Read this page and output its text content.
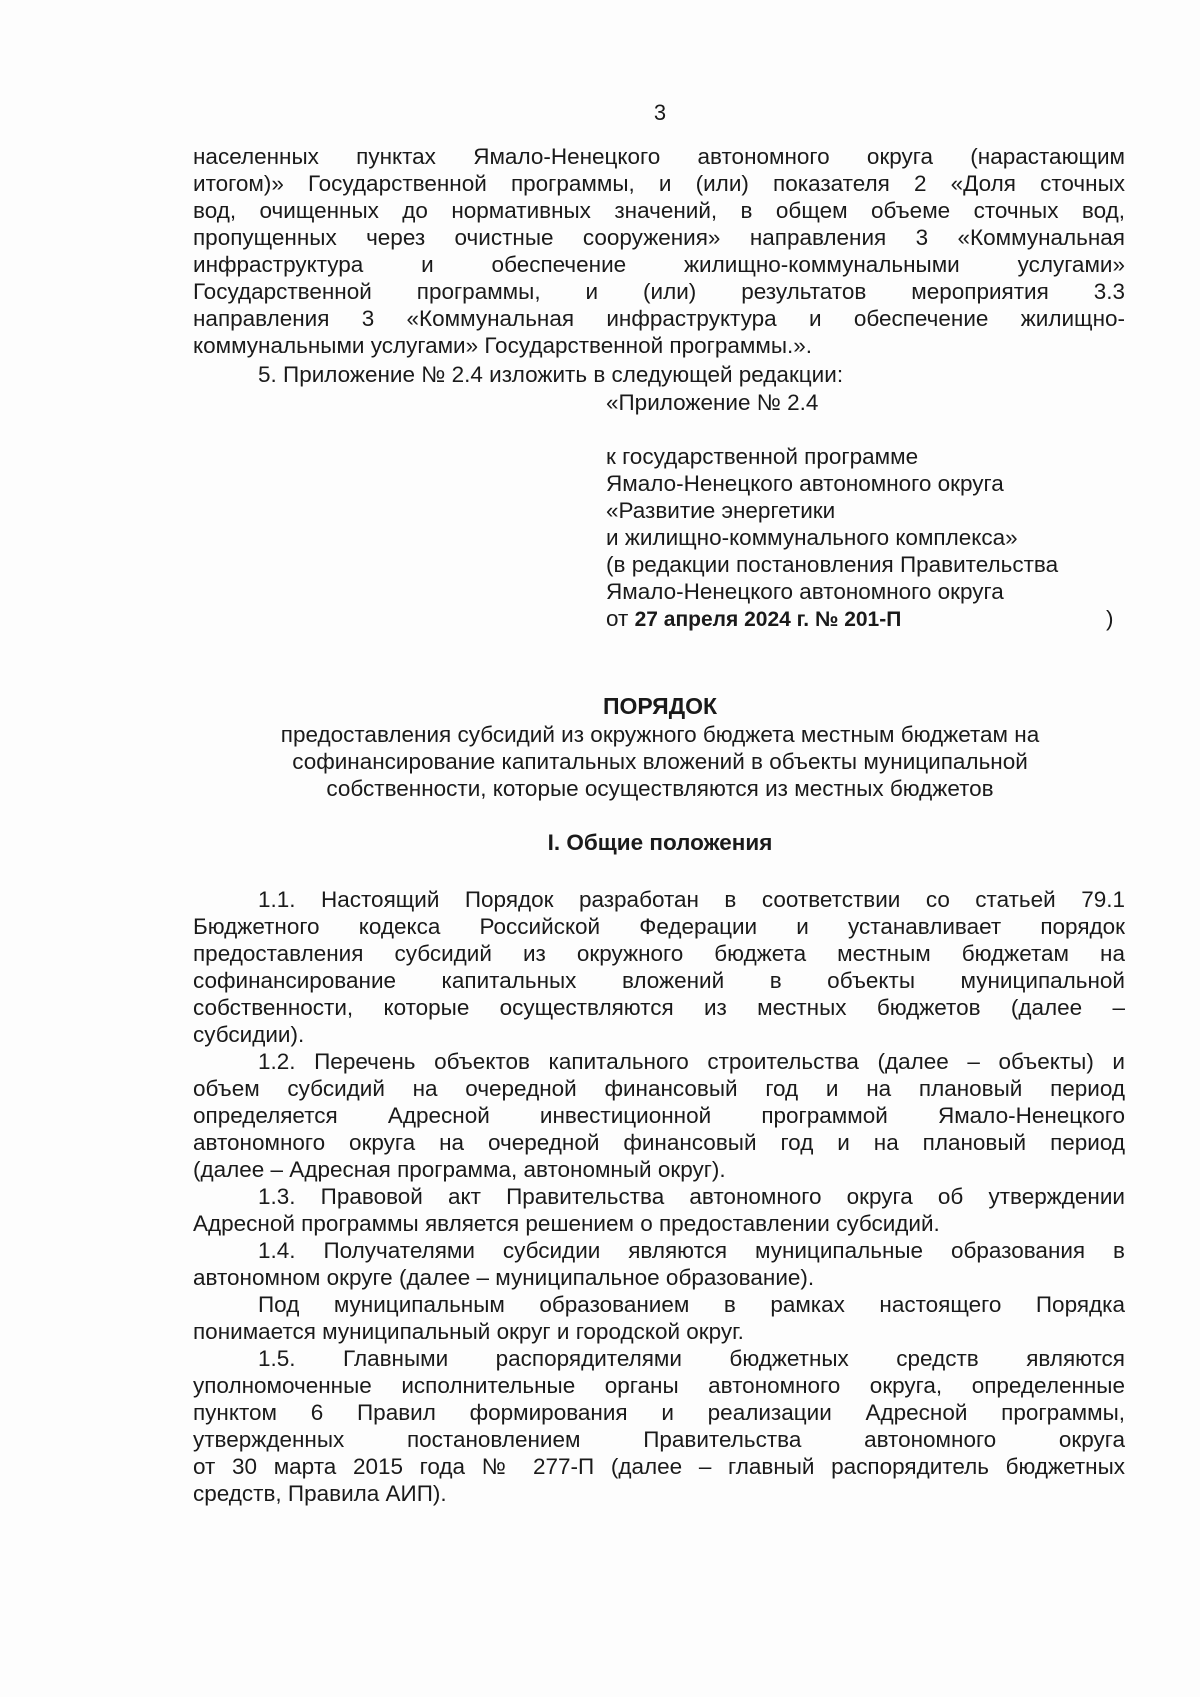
3

населенных пунктах Ямало-Ненецкого автономного округа (нарастающим

итогом)» Государственной программы, и (или) показателя 2 «Доля сточных

вод, очищенных до нормативных значений, в общем объеме сточных вод,

пропущенных через очистные сооружения» направления 3 «Коммунальная

инфраструктура и обеспечение жилищно-коммунальными услугами»

Государственной программы, и (или) результатов мероприятия 3.3

направления 3 «Коммунальная инфраструктура и обеспечение жилищно-

коммунальными услугами» Государственной программы.».

5. Приложение № 2.4 изложить в следующей редакции:
«Приложение № 2.4

к государственной программе

Ямало-Ненецкого автономного округа

«Развитие энергетики

и жилищно-коммунального комплекса»

(в редакции постановления Правительства

Ямало-Ненецкого автономного округа

от 27 апреля 2024 г. № 201-П	)

ПОРЯДОК

предоставления субсидий из окружного бюджета местным бюджетам на

софинансирование капитальных вложений в объекты муниципальной

собственности, которые осуществляются из местных бюджетов

I. Общие положения

1.1. Настоящий Порядок разработан в соответствии со статьей 79.1

Бюджетного кодекса Российской Федерации и устанавливает порядок

предоставления субсидий из окружного бюджета местным бюджетам на

софинансирование капитальных вложений в объекты муниципальной

собственности, которые осуществляются из местных бюджетов (далее –

субсидии).

1.2. Перечень объектов капитального строительства (далее – объекты) и

объем субсидий на очередной финансовый год и на плановый период

определяется Адресной инвестиционной программой Ямало-Ненецкого

автономного округа на очередной финансовый год и на плановый период

(далее – Адресная программа, автономный округ).

1.3. Правовой акт Правительства автономного округа об утверждении

Адресной программы является решением о предоставлении субсидий.

1.4. Получателями субсидии являются муниципальные образования в

автономном округе (далее – муниципальное образование).

Под муниципальным образованием в рамках настоящего Порядка

понимается муниципальный округ и городской округ.

1.5. Главными распорядителями бюджетных средств являются

уполномоченные исполнительные органы автономного округа, определенные

пунктом 6 Правил формирования и реализации Адресной программы,

утвержденных постановлением Правительства автономного округа

от 30 марта 2015 года № 277-П (далее – главный распорядитель бюджетных

средств, Правила АИП).
